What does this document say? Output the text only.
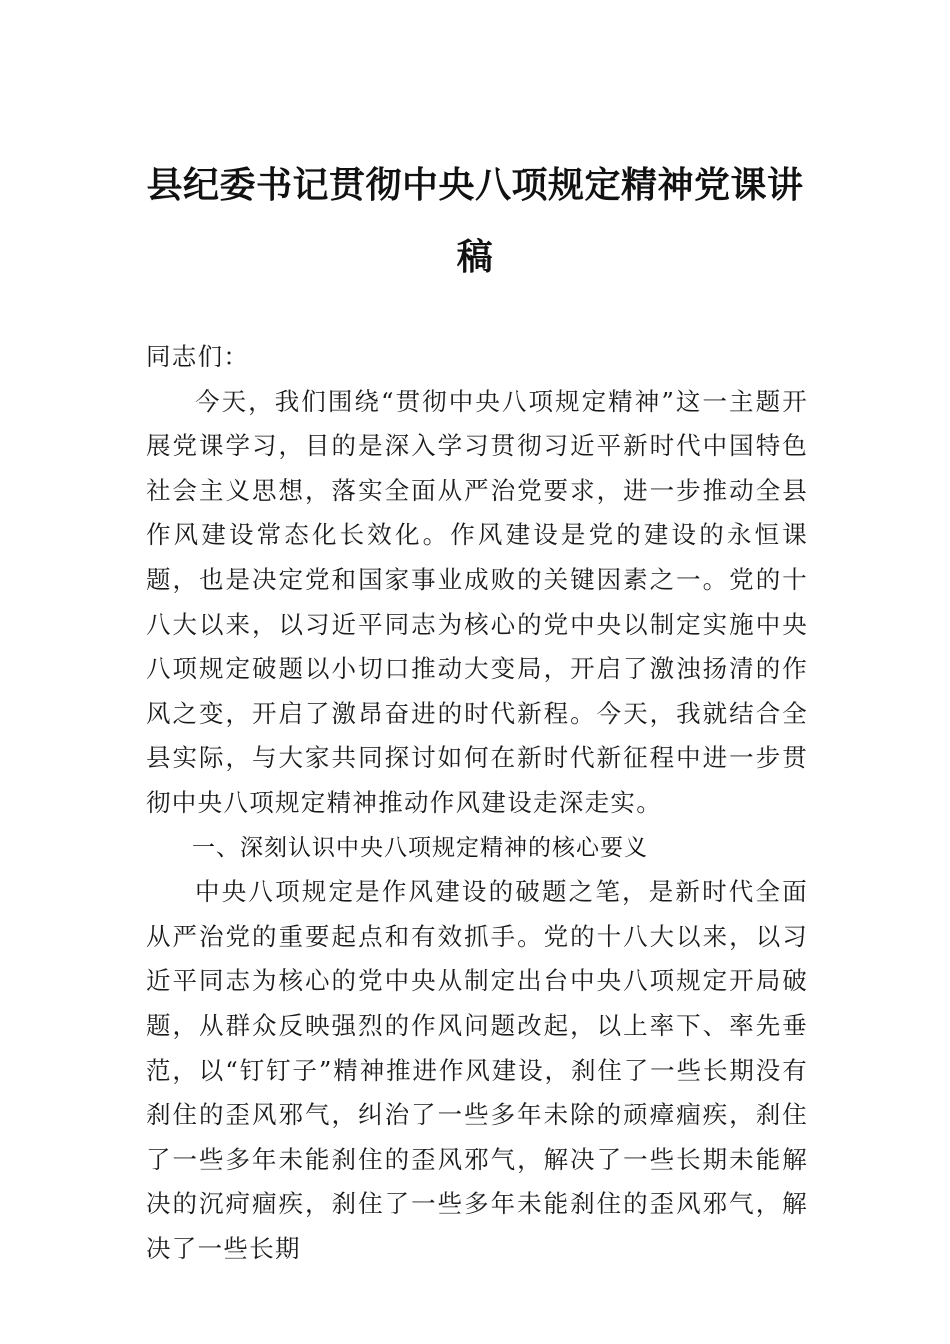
县纪委书记贯彻中央八项规定精神党课讲稿

同志们：

今天，我们围绕“贯彻中央八项规定精神”这一主题开展党课学习，目的是深入学习贯彻习近平新时代中国特色社会主义思想，落实全面从严治党要求，进一步推动全县作风建设常态化长效化。作风建设是党的建设的永恒课题，也是决定党和国家事业成败的关键因素之一。党的十八大以来，以习近平同志为核心的党中央以制定实施中央八项规定破题以小切口推动大变局，开启了激浊扬清的作风之变，开启了激昂奋进的时代新程。今天，我就结合全县实际，与大家共同探讨如何在新时代新征程中进一步贯彻中央八项规定精神推动作风建设走深走实。

一、深刻认识中央八项规定精神的核心要义

中央八项规定是作风建设的破题之笔，是新时代全面从严治党的重要起点和有效抓手。党的十八大以来，以习近平同志为核心的党中央从制定出台中央八项规定开局破题，从群众反映强烈的作风问题改起，以上率下、率先垂范，以“钉钉子”精神推进作风建设，刹住了一些长期没有刹住的歪风邪气，纠治了一些多年未除的顽瘴痼疾，刹住了一些多年未能刹住的歪风邪气，解决了一些长期未能解决的沉疴痼疾，刹住了一些多年未能刹住的歪风邪气，解决了一些长期
